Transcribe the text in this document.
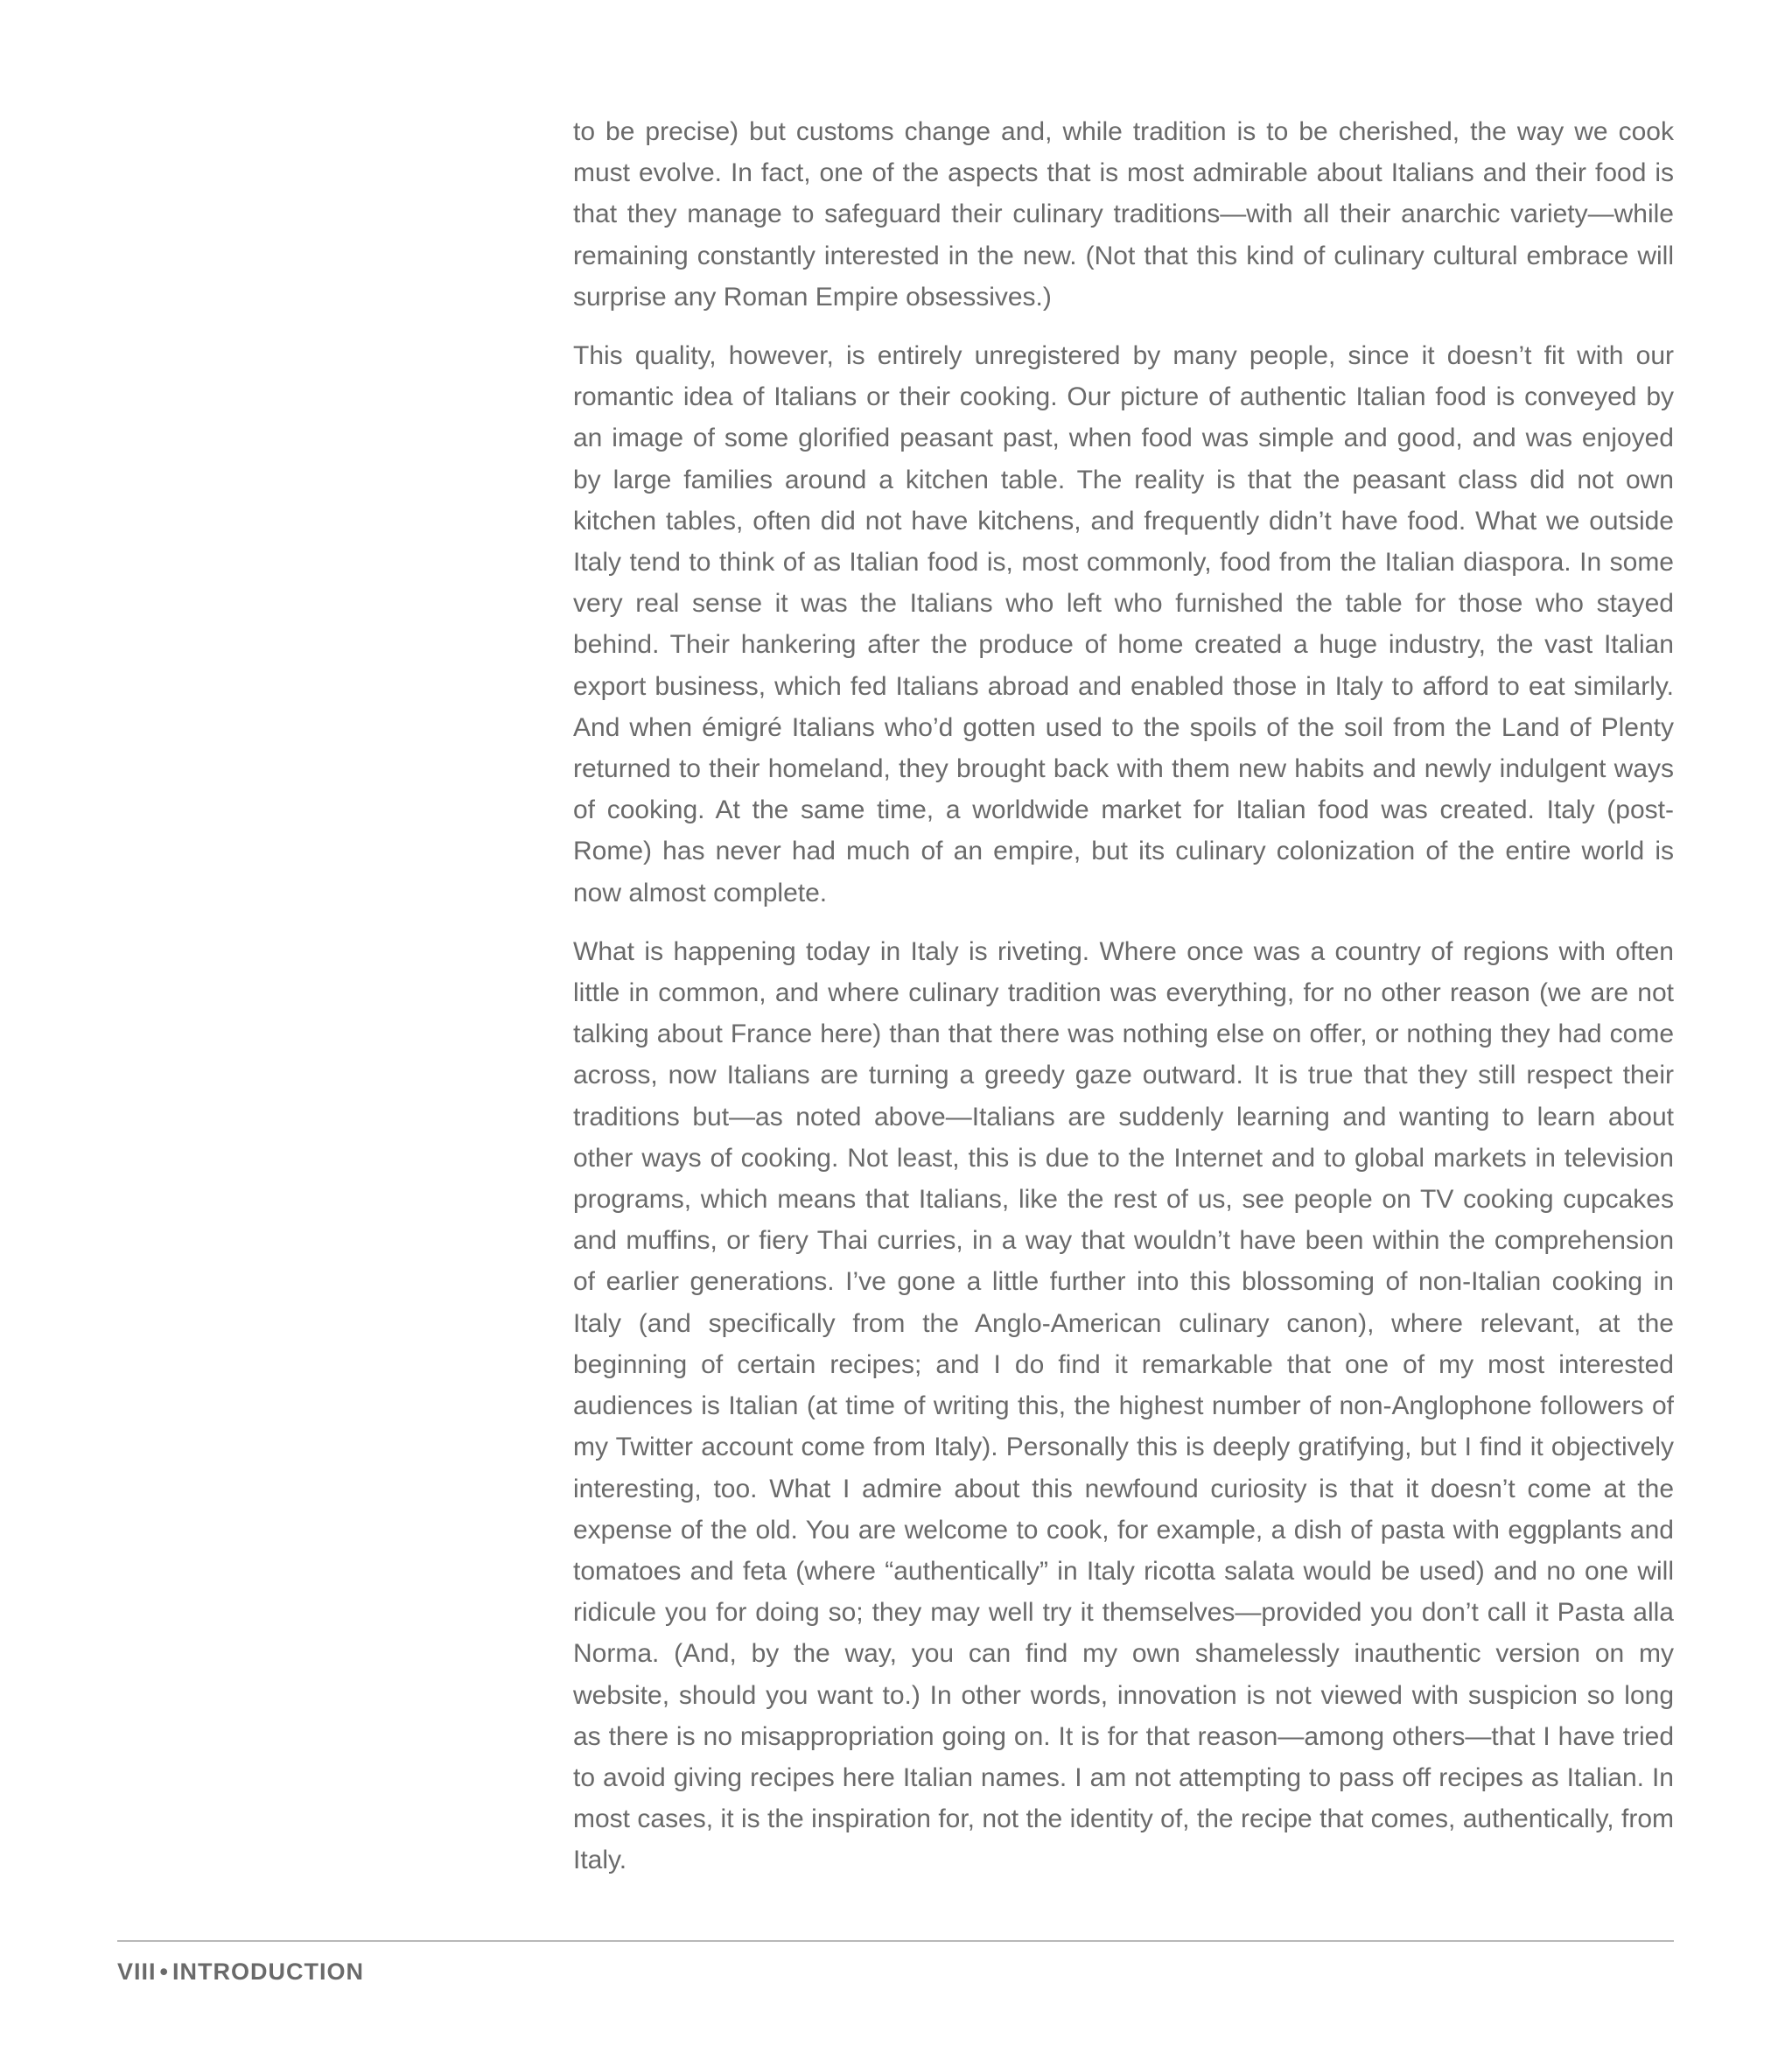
to be precise) but customs change and, while tradition is to be cherished, the way we cook must evolve. In fact, one of the aspects that is most admirable about Italians and their food is that they manage to safeguard their culinary traditions—with all their anarchic variety—while remaining constantly interested in the new. (Not that this kind of culinary cultural embrace will surprise any Roman Empire obsessives.)

This quality, however, is entirely unregistered by many people, since it doesn’t fit with our romantic idea of Italians or their cooking. Our picture of authentic Italian food is conveyed by an image of some glorified peasant past, when food was simple and good, and was enjoyed by large families around a kitchen table. The reality is that the peasant class did not own kitchen tables, often did not have kitchens, and frequently didn’t have food. What we outside Italy tend to think of as Italian food is, most commonly, food from the Italian diaspora. In some very real sense it was the Italians who left who furnished the table for those who stayed behind. Their hankering after the produce of home created a huge industry, the vast Italian export business, which fed Italians abroad and enabled those in Italy to afford to eat similarly. And when émigré Italians who’d gotten used to the spoils of the soil from the Land of Plenty returned to their homeland, they brought back with them new habits and newly indulgent ways of cooking. At the same time, a worldwide market for Italian food was created. Italy (post-Rome) has never had much of an empire, but its culinary colonization of the entire world is now almost complete.

What is happening today in Italy is riveting. Where once was a country of regions with often little in common, and where culinary tradition was everything, for no other reason (we are not talking about France here) than that there was nothing else on offer, or nothing they had come across, now Italians are turning a greedy gaze outward. It is true that they still respect their traditions but—as noted above—Italians are suddenly learning and wanting to learn about other ways of cooking. Not least, this is due to the Internet and to global markets in television programs, which means that Italians, like the rest of us, see people on TV cooking cupcakes and muffins, or fiery Thai curries, in a way that wouldn’t have been within the comprehension of earlier generations. I’ve gone a little further into this blossoming of non-Italian cooking in Italy (and specifically from the Anglo-American culinary canon), where relevant, at the beginning of certain recipes; and I do find it remarkable that one of my most interested audiences is Italian (at time of writing this, the highest number of non-Anglophone followers of my Twitter account come from Italy). Personally this is deeply gratifying, but I find it objectively interesting, too. What I admire about this newfound curiosity is that it doesn’t come at the expense of the old. You are welcome to cook, for example, a dish of pasta with eggplants and tomatoes and feta (where “authentically” in Italy ricotta salata would be used) and no one will ridicule you for doing so; they may well try it themselves—provided you don’t call it Pasta alla Norma. (And, by the way, you can find my own shamelessly inauthentic version on my website, should you want to.) In other words, innovation is not viewed with suspicion so long as there is no misappropriation going on. It is for that reason—among others—that I have tried to avoid giving recipes here Italian names. I am not attempting to pass off recipes as Italian. In most cases, it is the inspiration for, not the identity of, the recipe that comes, authentically, from Italy.

VIII • INTRODUCTION
